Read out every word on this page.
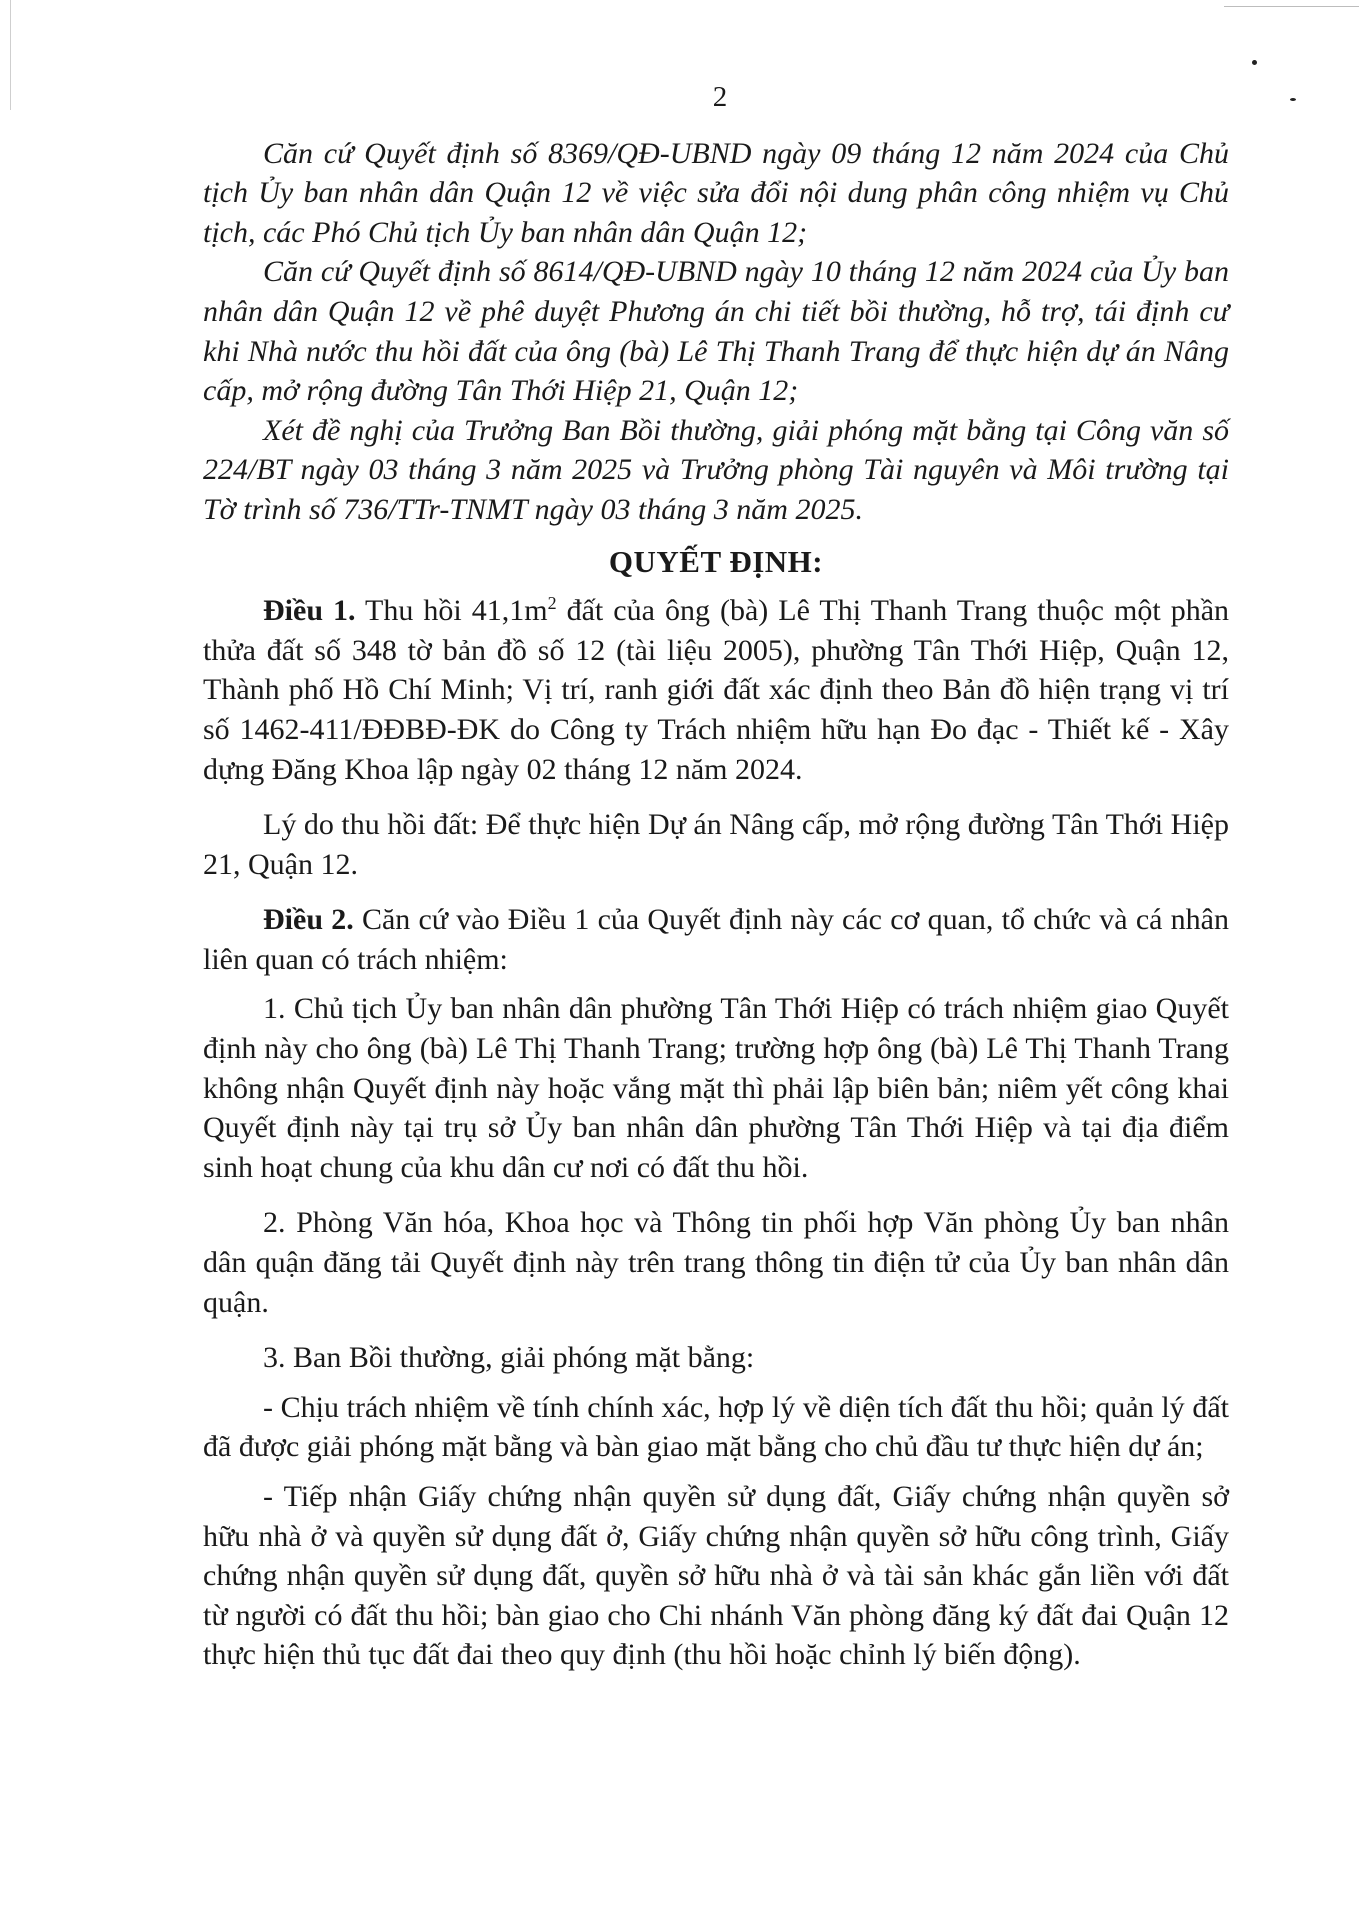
2

Căn cứ Quyết định số 8369/QĐ-UBND ngày 09 tháng 12 năm 2024 của Chủ tịch Ủy ban nhân dân Quận 12 về việc sửa đổi nội dung phân công nhiệm vụ Chủ tịch, các Phó Chủ tịch Ủy ban nhân dân Quận 12;

Căn cứ Quyết định số 8614/QĐ-UBND ngày 10 tháng 12 năm 2024 của Ủy ban nhân dân Quận 12 về phê duyệt Phương án chi tiết bồi thường, hỗ trợ, tái định cư khi Nhà nước thu hồi đất của ông (bà) Lê Thị Thanh Trang để thực hiện dự án Nâng cấp, mở rộng đường Tân Thới Hiệp 21, Quận 12;

Xét đề nghị của Trưởng Ban Bồi thường, giải phóng mặt bằng tại Công văn số 224/BT ngày 03 tháng 3 năm 2025 và Trưởng phòng Tài nguyên và Môi trường tại Tờ trình số 736/TTr-TNMT ngày 03 tháng 3 năm 2025.

QUYẾT ĐỊNH:

Điều 1. Thu hồi $41,1m^2$ đất của ông (bà) Lê Thị Thanh Trang thuộc một phần thửa đất số 348 tờ bản đồ số 12 (tài liệu 2005), phường Tân Thới Hiệp, Quận 12, Thành phố Hồ Chí Minh; Vị trí, ranh giới đất xác định theo Bản đồ hiện trạng vị trí số 1462-411/ĐĐBĐ-ĐK do Công ty Trách nhiệm hữu hạn Đo đạc - Thiết kế - Xây dựng Đăng Khoa lập ngày 02 tháng 12 năm 2024.

Lý do thu hồi đất: Để thực hiện Dự án Nâng cấp, mở rộng đường Tân Thới Hiệp 21, Quận 12.

Điều 2. Căn cứ vào Điều 1 của Quyết định này các cơ quan, tổ chức và cá nhân liên quan có trách nhiệm:

1. Chủ tịch Ủy ban nhân dân phường Tân Thới Hiệp có trách nhiệm giao Quyết định này cho ông (bà) Lê Thị Thanh Trang; trường hợp ông (bà) Lê Thị Thanh Trang không nhận Quyết định này hoặc vắng mặt thì phải lập biên bản; niêm yết công khai Quyết định này tại trụ sở Ủy ban nhân dân phường Tân Thới Hiệp và tại địa điểm sinh hoạt chung của khu dân cư nơi có đất thu hồi.

2. Phòng Văn hóa, Khoa học và Thông tin phối hợp Văn phòng Ủy ban nhân dân quận đăng tải Quyết định này trên trang thông tin điện tử của Ủy ban nhân dân quận.

3. Ban Bồi thường, giải phóng mặt bằng:

- Chịu trách nhiệm về tính chính xác, hợp lý về diện tích đất thu hồi; quản lý đất đã được giải phóng mặt bằng và bàn giao mặt bằng cho chủ đầu tư thực hiện dự án;

- Tiếp nhận Giấy chứng nhận quyền sử dụng đất, Giấy chứng nhận quyền sở hữu nhà ở và quyền sử dụng đất ở, Giấy chứng nhận quyền sở hữu công trình, Giấy chứng nhận quyền sử dụng đất, quyền sở hữu nhà ở và tài sản khác gắn liền với đất từ người có đất thu hồi; bàn giao cho Chi nhánh Văn phòng đăng ký đất đai Quận 12 thực hiện thủ tục đất đai theo quy định (thu hồi hoặc chỉnh lý biến động).
